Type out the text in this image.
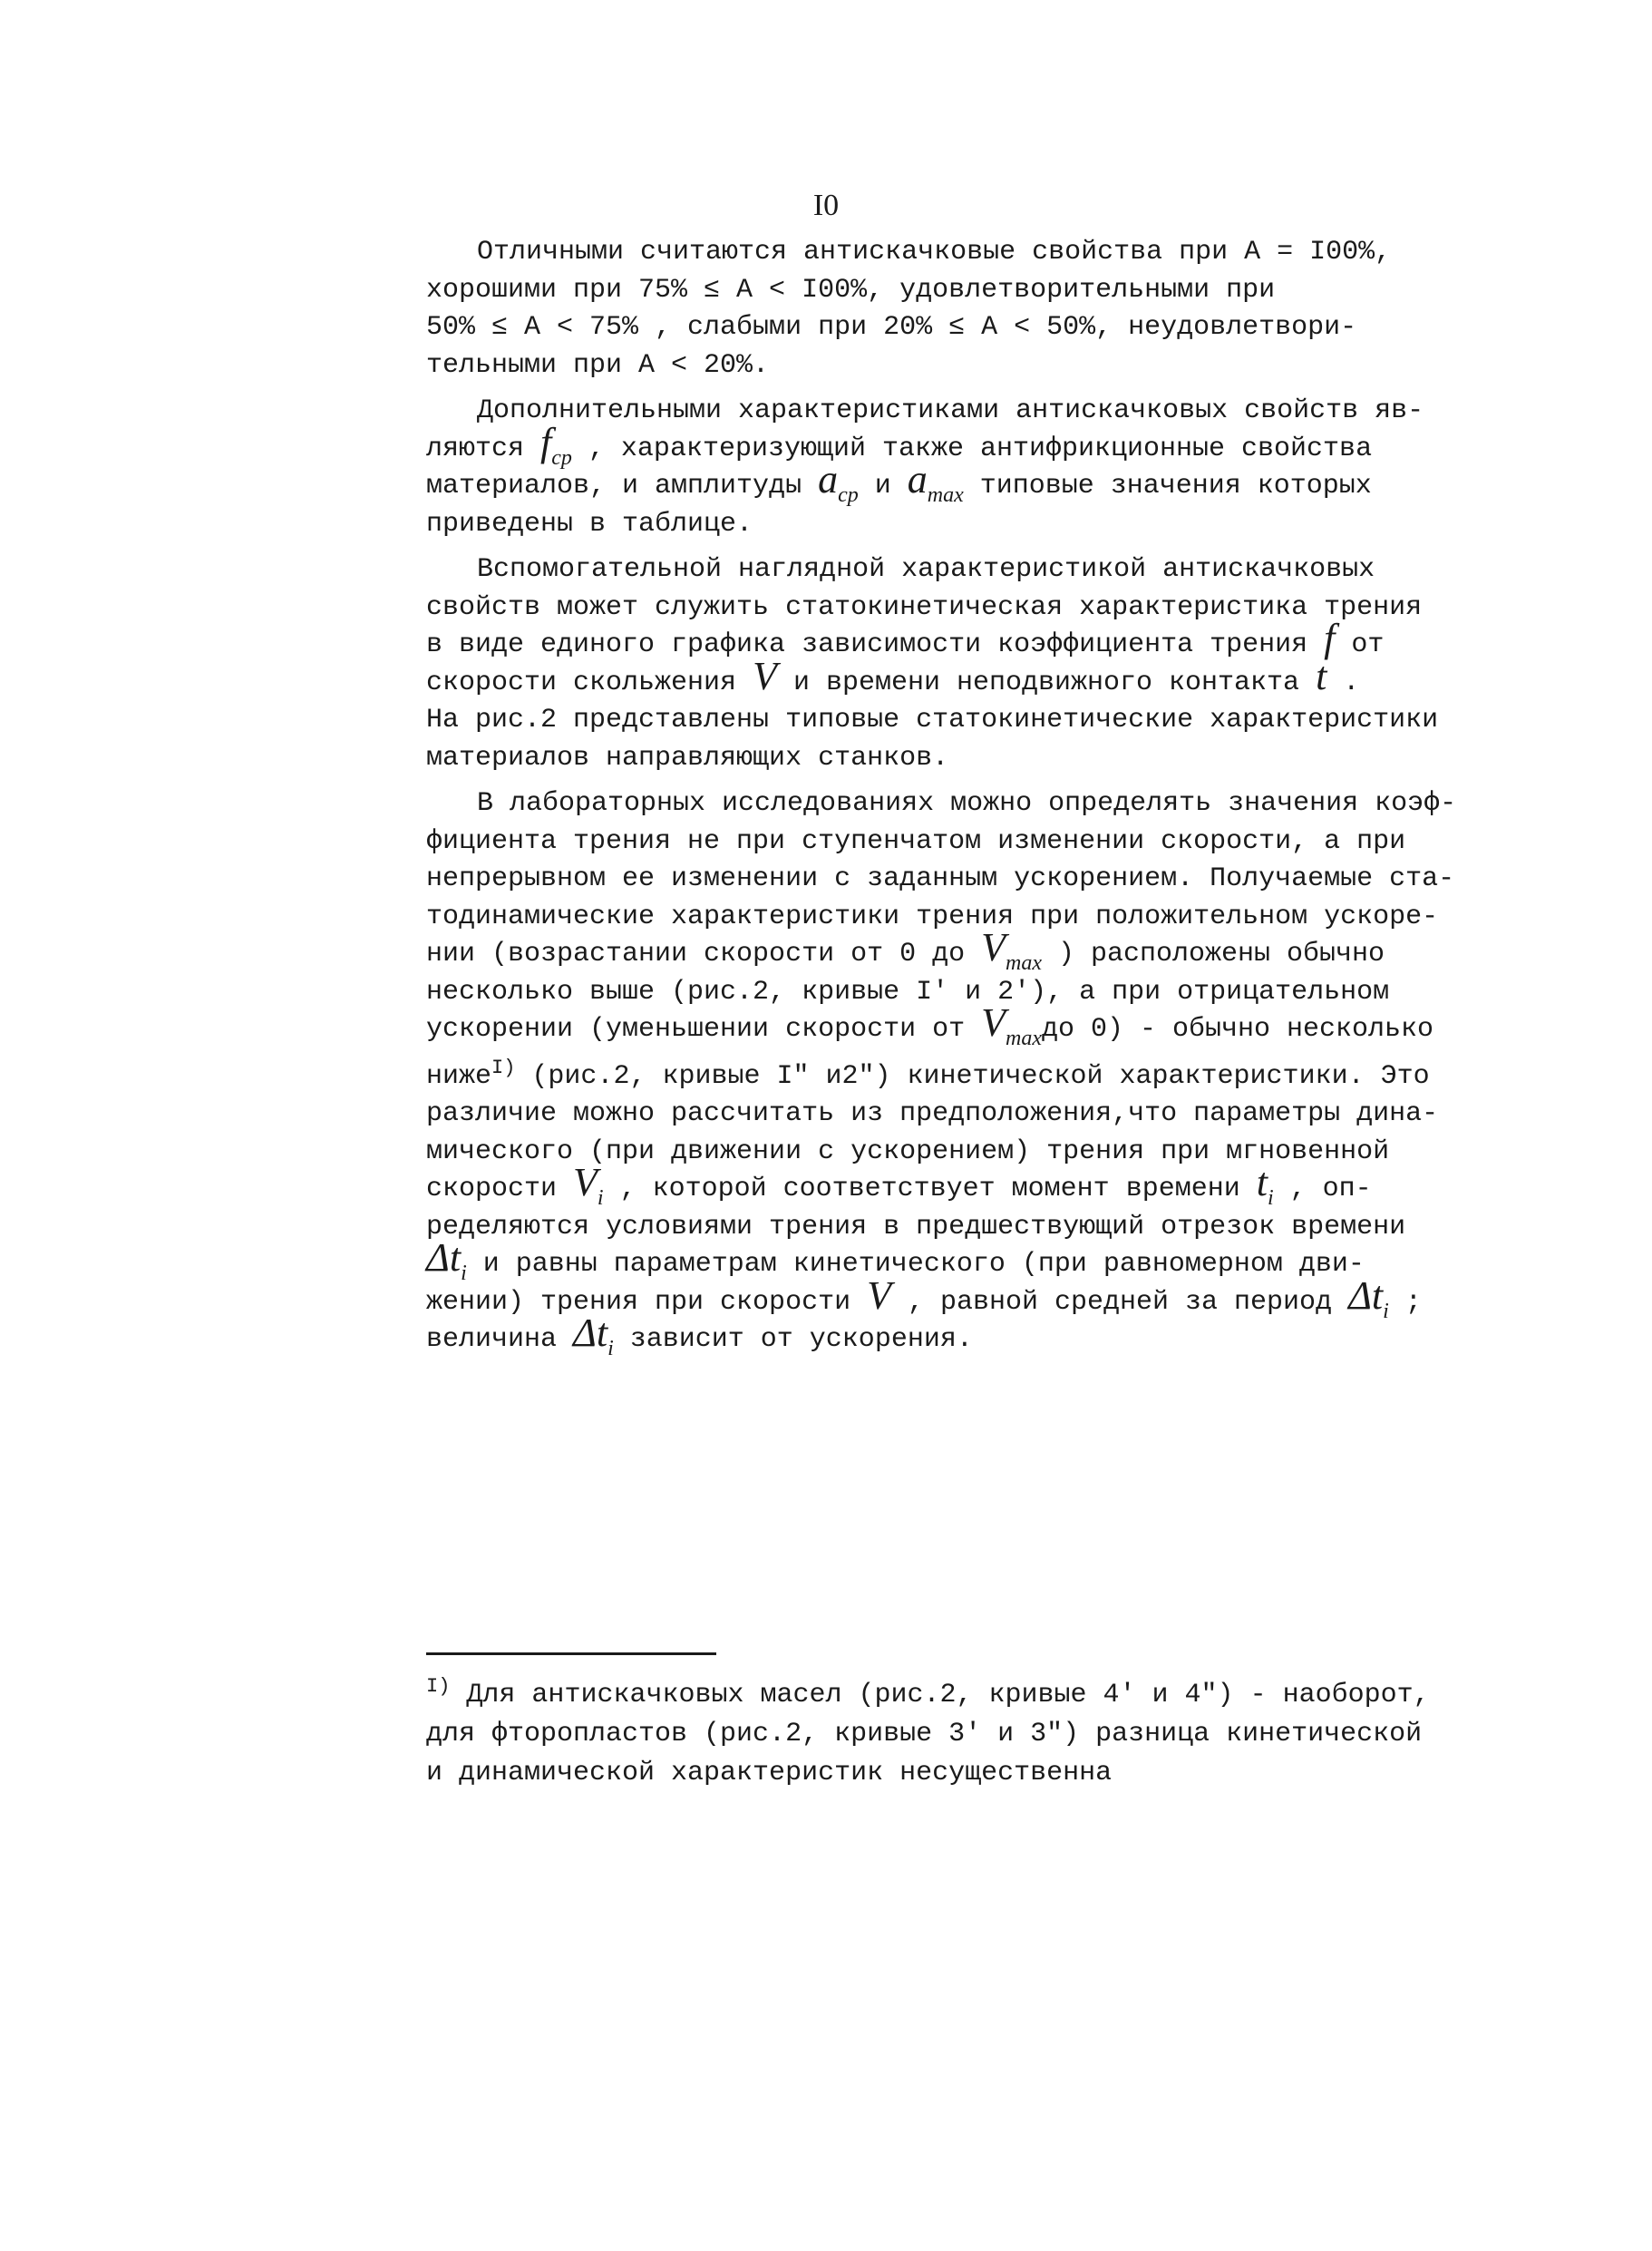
I0
Отличными считаются антискачковые свойства при A = I00%,
хорошими при 75% ≤ A < I00%, удовлетворительными при
50% ≤ A < 75% , слабыми при 20% ≤ A < 50%, неудовлетвори-
тельными при A < 20%.
Дополнительными характеристиками антискачковых свойств яв-
ляются $f_{ср}$ , характеризующий также антифрикционные свойства
материалов, и амплитуды $a_{ср}$ и $a_{max}$ типовые значения которых
приведены в таблице.
Вспомогательной наглядной характеристикой антискачковых
свойств может служить статокинетическая характеристика трения
в виде единого графика зависимости коэффициента трения f от
скорости скольжения V и времени неподвижного контакта t .
На рис.2 представлены типовые статокинетические характеристики
материалов направляющих станков.
В лабораторных исследованиях можно определять значения коэф-
фициента трения не при ступенчатом изменении скорости, а при
непрерывном ее изменении с заданным ускорением. Получаемые ста-
тодинамические характеристики трения при положительном ускоре-
нии (возрастании скорости от 0 до $V_{max}$ ) расположены обычно
несколько выше (рис.2, кривые I' и 2'), а при отрицательном
ускорении (уменьшении скорости от $V_{max}до$ 0) - обычно несколько
ниже$^{I)}$ (рис.2, кривые I" и2") кинетической характеристики. Это
различие можно рассчитать из предположения,что параметры дина-
мического (при движении с ускорением) трения при мгновенной
скорости $V_i$ , которой соответствует момент времени $t_i$ , оп-
ределяются условиями трения в предшествующий отрезок времени
$\Delta t_i$ и равны параметрам кинетического (при равномерном дви-
жении) трения при скорости V , равной средней за период $\Delta t_i$ ;
величина $\Delta t_i$ зависит от ускорения.
$^{I)}$ Для антискачковых масел (рис.2, кривые 4' и 4") - наоборот,
для фторопластов (рис.2, кривые 3' и 3") разница кинетической
и динамической характеристик несущественна
